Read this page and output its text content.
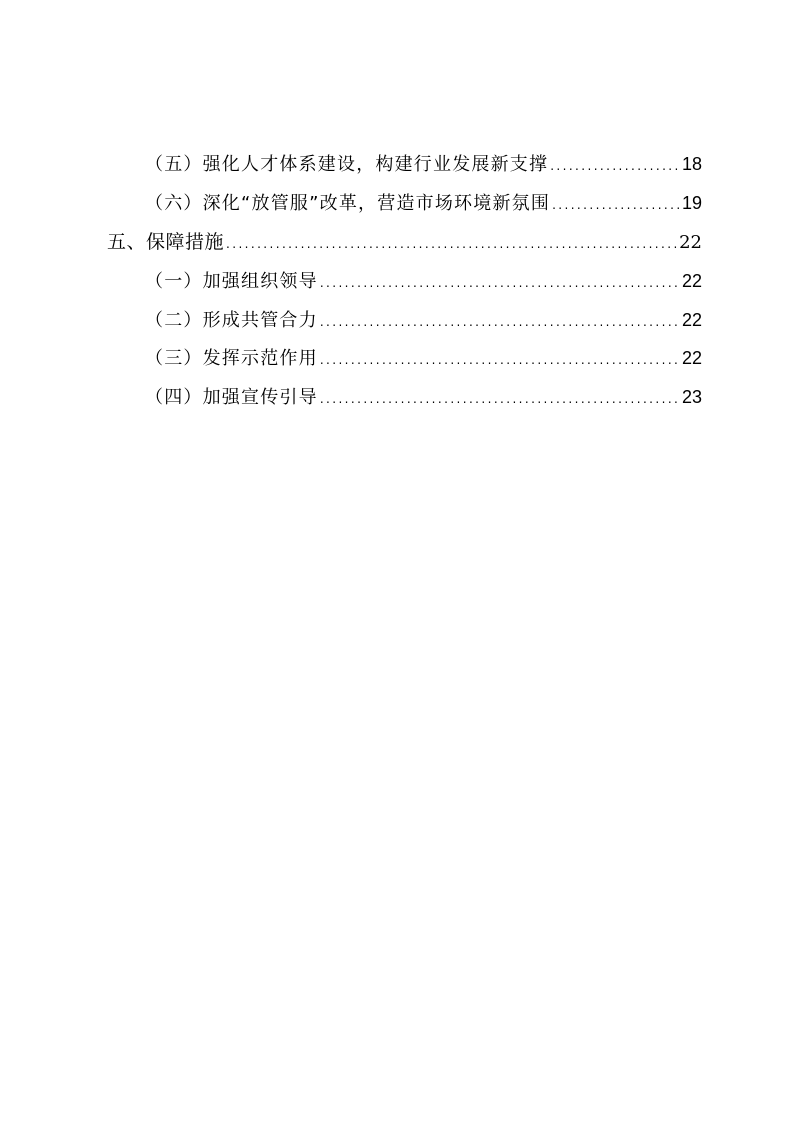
（五）强化人才体系建设，构建行业发展新支撑 .....	18
（六）深化“放管服”改革，营造市场环境新氛围 .....	19
五、保障措施 .....	22
（一）加强组织领导 .....	22
（二）形成共管合力 .....	22
（三）发挥示范作用 .....	22
（四）加强宣传引导 .....	23
